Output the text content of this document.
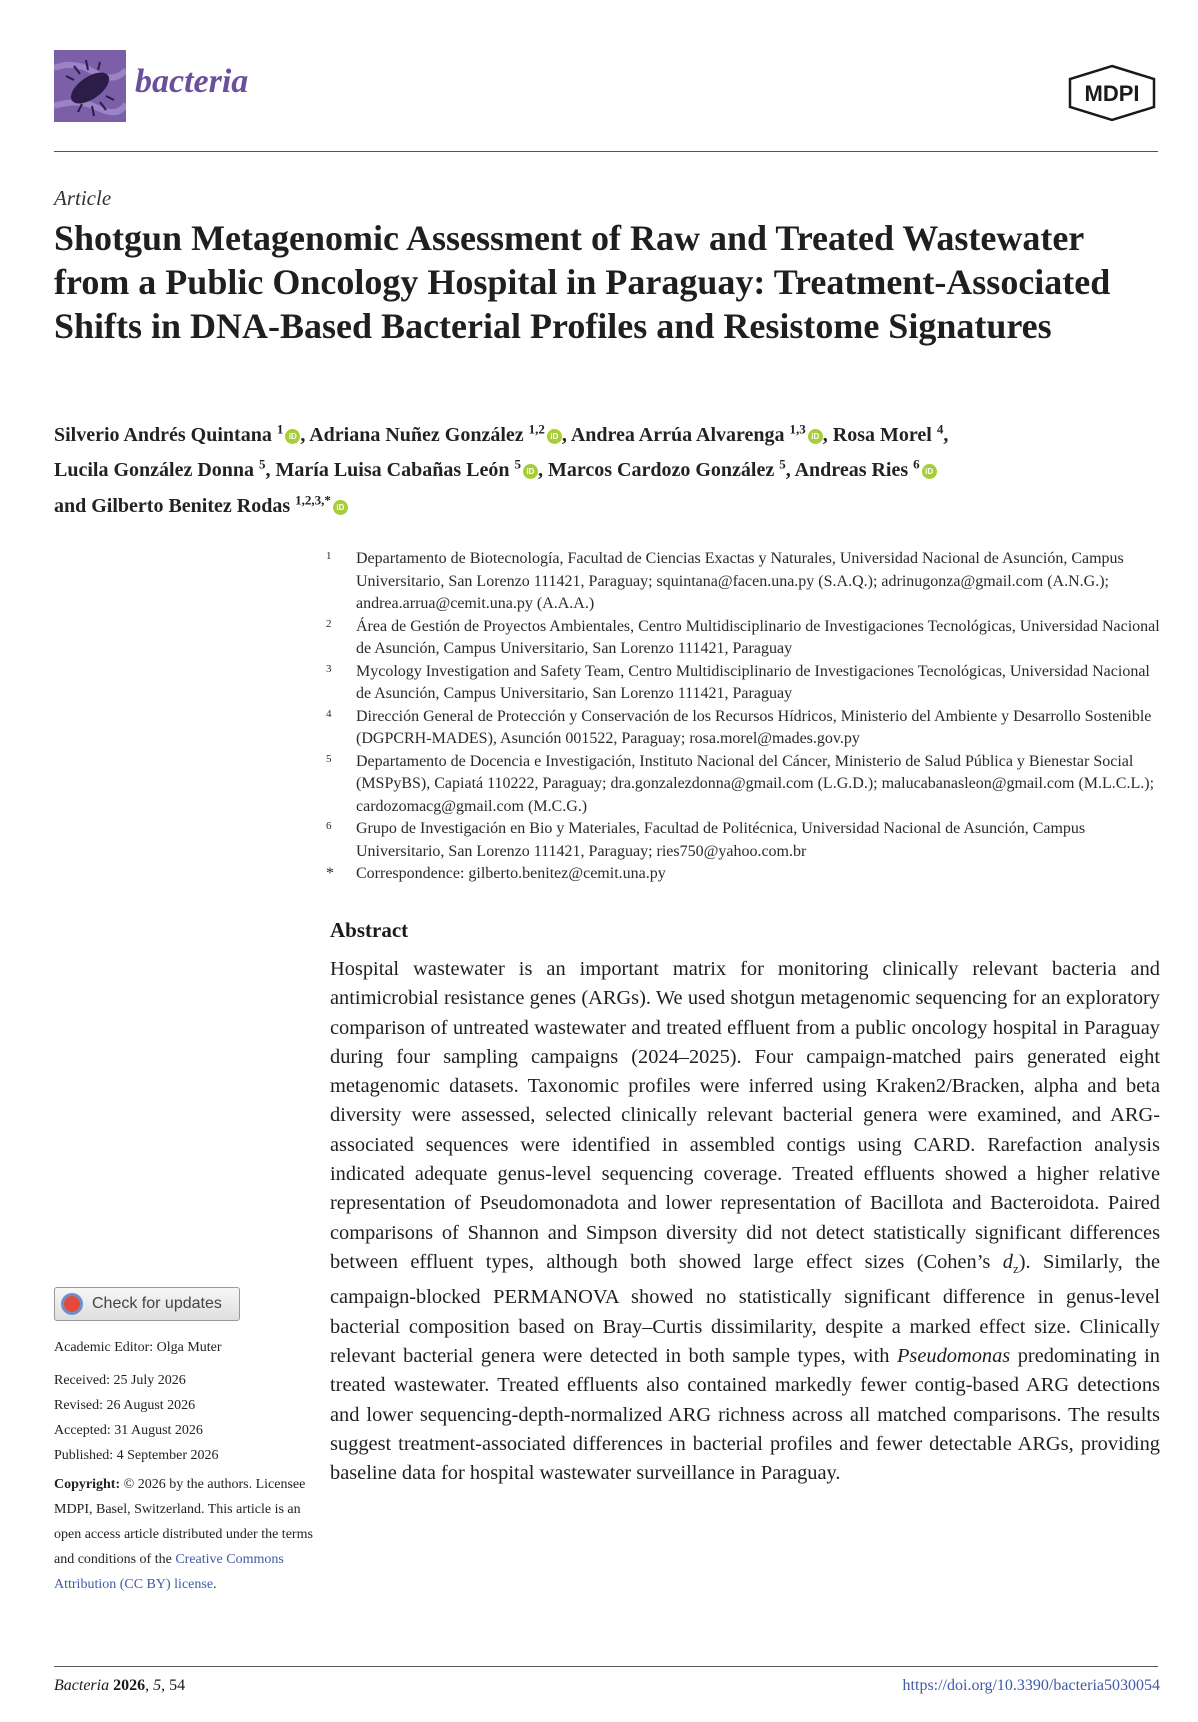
bacteria	MDPI
Article
Shotgun Metagenomic Assessment of Raw and Treated Wastewater from a Public Oncology Hospital in Paraguay: Treatment-Associated Shifts in DNA-Based Bacterial Profiles and Resistome Signatures
Silverio Andrés Quintana $^1$iD , Adriana Nuñez González $^{1,2}$iD , Andrea Arrúa Alvarenga $^{1,3}$iD , Rosa Morel $^4$,
Lucila González Donna $^5$, María Luisa Cabañas León $^5$iD , Marcos Cardozo González $^5$, Andreas Ries $^6$iD
and Gilberto Benitez Rodas $^{1,2,3,*}$iD
1	Departamento de Biotecnología, Facultad de Ciencias Exactas y Naturales, Universidad Nacional de Asunción, Campus Universitario, San Lorenzo 111421, Paraguay; squintana@facen.una.py (S.A.Q.); adrinugonza@gmail.com (A.N.G.); andrea.arrua@cemit.una.py (A.A.A.)
2	Área de Gestión de Proyectos Ambientales, Centro Multidisciplinario de Investigaciones Tecnológicas, Universidad Nacional de Asunción, Campus Universitario, San Lorenzo 111421, Paraguay
3	Mycology Investigation and Safety Team, Centro Multidisciplinario de Investigaciones Tecnológicas, Universidad Nacional de Asunción, Campus Universitario, San Lorenzo 111421, Paraguay
4	Dirección General de Protección y Conservación de los Recursos Hídricos, Ministerio del Ambiente y Desarrollo Sostenible (DGPCRH-MADES), Asunción 001522, Paraguay; rosa.morel@mades.gov.py
5	Departamento de Docencia e Investigación, Instituto Nacional del Cáncer, Ministerio de Salud Pública y Bienestar Social (MSPyBS), Capiatá 110222, Paraguay; dra.gonzalezdonna@gmail.com (L.G.D.); malucabanasleon@gmail.com (M.L.C.L.); cardozomacg@gmail.com (M.C.G.)
6	Grupo de Investigación en Bio y Materiales, Facultad de Politécnica, Universidad Nacional de Asunción, Campus Universitario, San Lorenzo 111421, Paraguay; ries750@yahoo.com.br
*	Correspondence: gilberto.benitez@cemit.una.py
Abstract
Hospital wastewater is an important matrix for monitoring clinically relevant bacteria and antimicrobial resistance genes (ARGs). We used shotgun metagenomic sequencing for an exploratory comparison of untreated wastewater and treated effluent from a public oncology hospital in Paraguay during four sampling campaigns (2024–2025). Four campaign-matched pairs generated eight metagenomic datasets. Taxonomic profiles were inferred using Kraken2/Bracken, alpha and beta diversity were assessed, selected clinically relevant bacterial genera were examined, and ARG-associated sequences were identified in assembled contigs using CARD. Rarefaction analysis indicated adequate genus-level sequencing coverage. Treated effluents showed a higher relative representation of Pseudomonadota and lower representation of Bacillota and Bacteroidota. Paired comparisons of Shannon and Simpson diversity did not detect statistically significant differences between effluent types, although both showed large effect sizes (Cohen’s $d_z$). Similarly, the campaign-blocked PERMANOVA showed no statistically significant difference in genus-level bacterial composition based on Bray–Curtis dissimilarity, despite a marked effect size. Clinically relevant bacterial genera were detected in both sample types, with Pseudomonas predominating in treated wastewater. Treated effluents also contained markedly fewer contig-based ARG detections and lower sequencing-depth-normalized ARG richness across all matched comparisons. The results suggest treatment-associated differences in bacterial profiles and fewer detectable ARGs, providing baseline data for hospital wastewater surveillance in Paraguay.
Check for updates
Academic Editor: Olga Muter
Received: 25 July 2026
Revised: 26 August 2026
Accepted: 31 August 2026
Published: 4 September 2026
Copyright: © 2026 by the authors. Licensee MDPI, Basel, Switzerland. This article is an open access article distributed under the terms and conditions of the Creative Commons Attribution (CC BY) license.
Bacteria 2026, 5, 54	https://doi.org/10.3390/bacteria5030054
